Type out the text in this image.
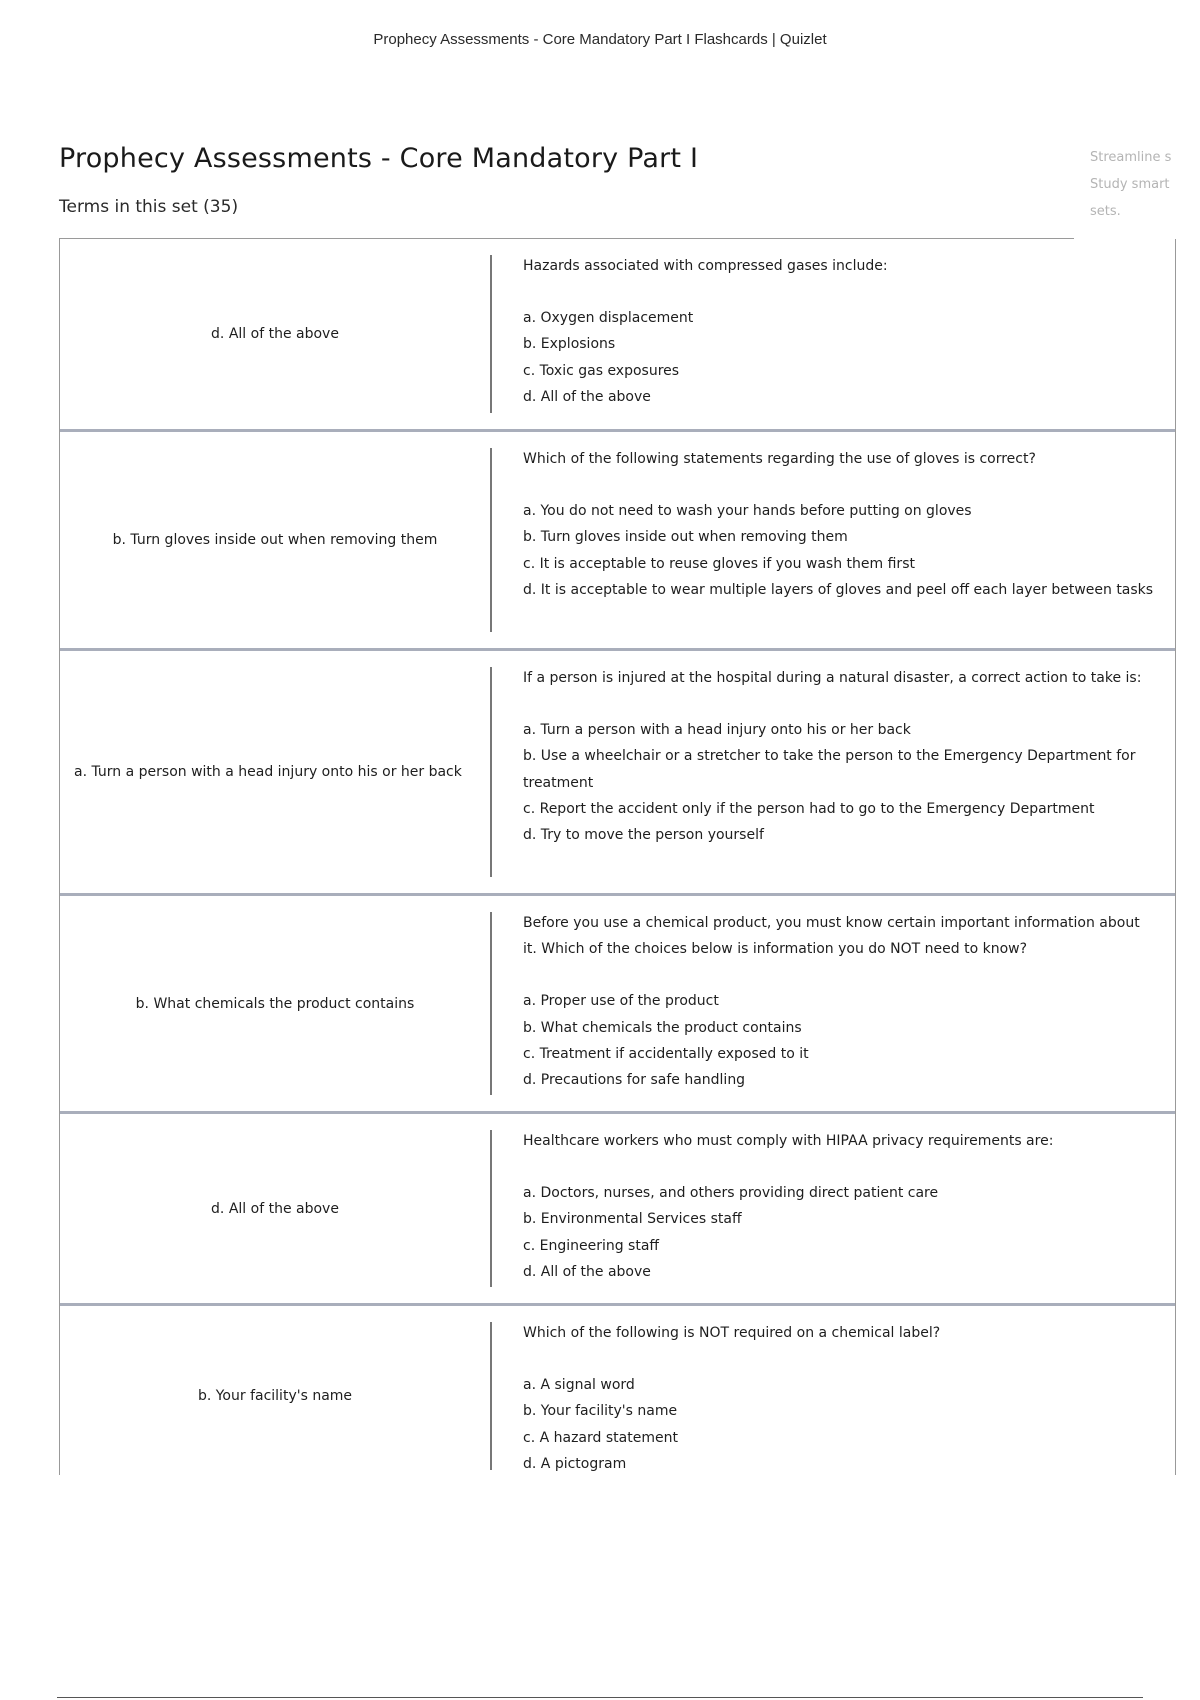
Prophecy Assessments - Core Mandatory Part I Flashcards | Quizlet
Prophecy Assessments - Core Mandatory Part I
Terms in this set (35)
Streamline s
Study smart
sets.
d. All of the above
Hazards associated with compressed gases include:
a. Oxygen displacement
b. Explosions
c. Toxic gas exposures
d. All of the above
b. Turn gloves inside out when removing them
Which of the following statements regarding the use of gloves is correct?
a. You do not need to wash your hands before putting on gloves
b. Turn gloves inside out when removing them
c. It is acceptable to reuse gloves if you wash them first
d. It is acceptable to wear multiple layers of gloves and peel off each layer between tasks
a. Turn a person with a head injury onto his or her back
If a person is injured at the hospital during a natural disaster, a correct action to take is:
a. Turn a person with a head injury onto his or her back
b. Use a wheelchair or a stretcher to take the person to the Emergency Department for treatment
c. Report the accident only if the person had to go to the Emergency Department
d. Try to move the person yourself
b. What chemicals the product contains
Before you use a chemical product, you must know certain important information about it. Which of the choices below is information you do NOT need to know?
a. Proper use of the product
b. What chemicals the product contains
c. Treatment if accidentally exposed to it
d. Precautions for safe handling
d. All of the above
Healthcare workers who must comply with HIPAA privacy requirements are:
a. Doctors, nurses, and others providing direct patient care
b. Environmental Services staff
c. Engineering staff
d. All of the above
b. Your facility's name
Which of the following is NOT required on a chemical label?
a. A signal word
b. Your facility's name
c. A hazard statement
d. A pictogram
